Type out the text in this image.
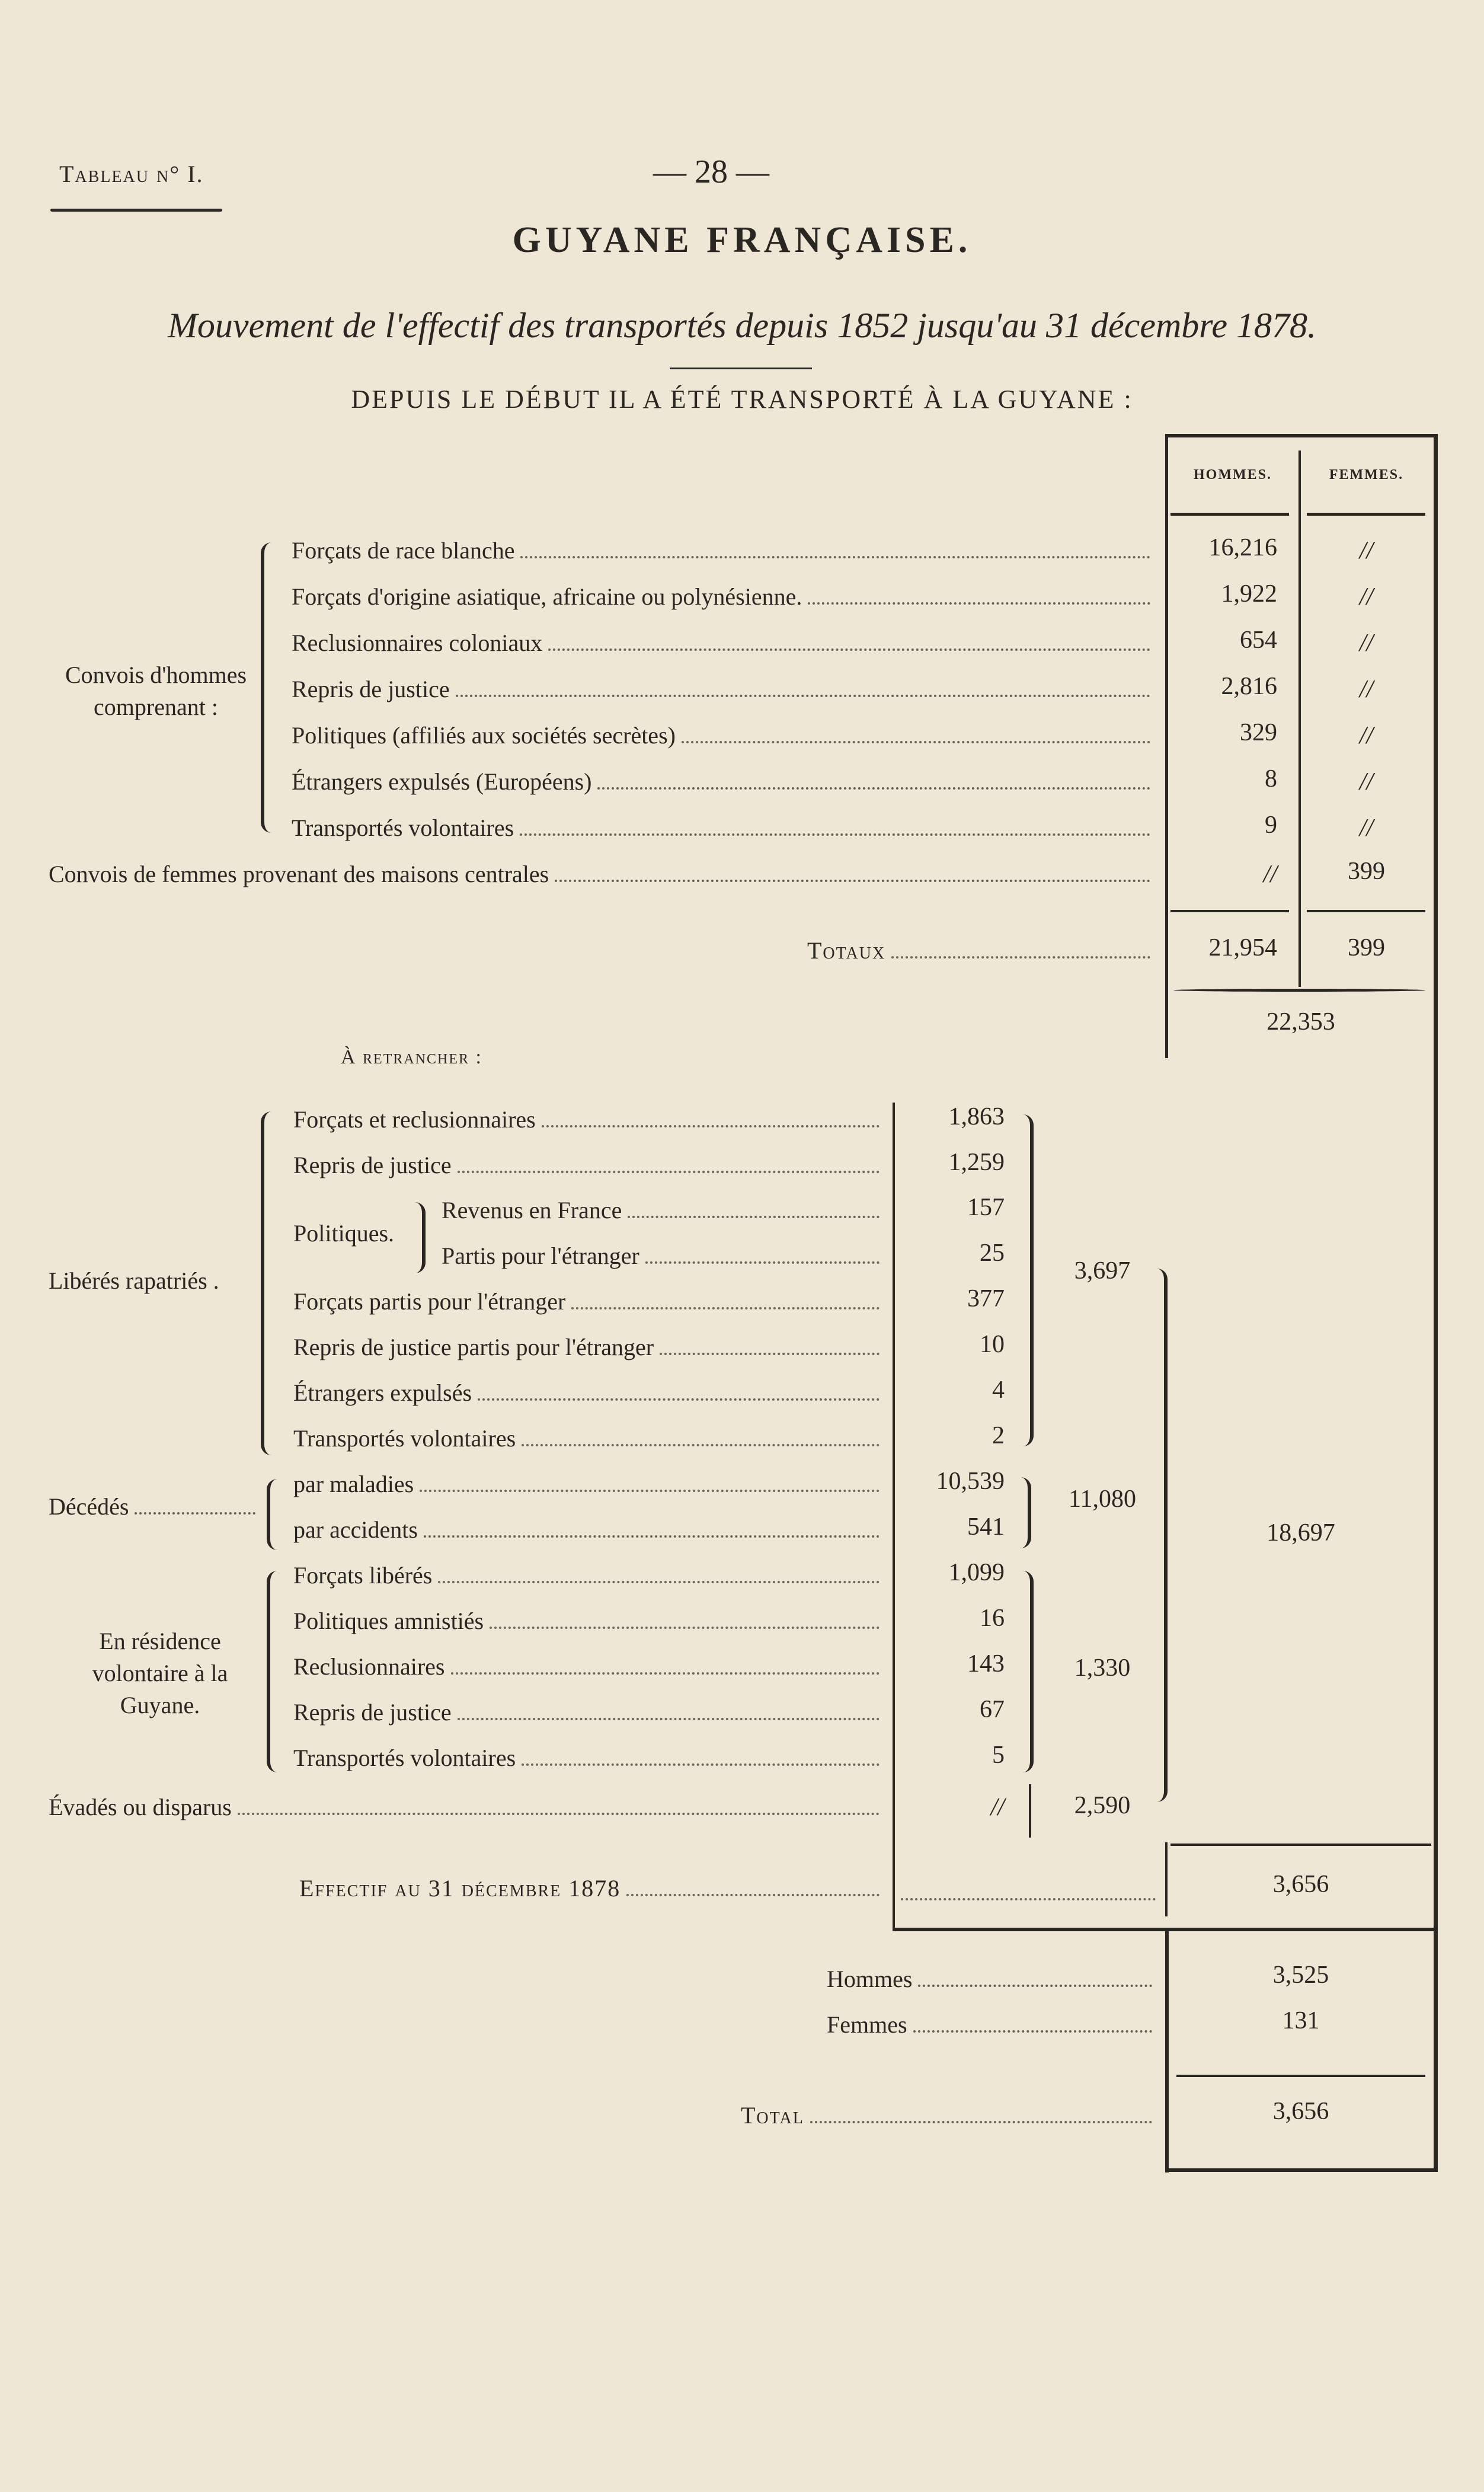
Tableau n° I.	— 28 —
GUYANE FRANÇAISE.
Mouvement de l'effectif des transportés depuis 1852 jusqu'au 31 décembre 1878.
DEPUIS LE DÉBUT IL A ÉTÉ TRANSPORTÉ À LA GUYANE :
HOMMES.	FEMMES.
Convois d'hommes comprenant :
Forçats de race blanche	16,216	//
Forçats d'origine asiatique, africaine ou polynésienne.	1,922	//
Reclusionnaires coloniaux	654	//
Repris de justice	2,816	//
Politiques (affiliés aux sociétés secrètes)	329	//
Étrangers expulsés (Européens)	8	//
Transportés volontaires	9	//
Convois de femmes provenant des maisons centrales	//	399
Totaux	21,954	399
22,353
À retrancher :
Libérés rapatriés .
Forçats et reclusionnaires	1,863
Repris de justice	1,259
Politiques.
Revenus en France	157
Partis pour l'étranger	25
Forçats partis pour l'étranger	377
Repris de justice partis pour l'étranger	10
Étrangers expulsés	4
Transportés volontaires	2
3,697
Décédés
par maladies	10,539
par accidents	541
11,080
En résidence volontaire à la Guyane.
Forçats libérés	1,099
Politiques amnistiés	16
Reclusionnaires	143
Repris de justice	67
Transportés volontaires	5
1,330
Évadés ou disparus	//	2,590
18,697
Effectif au 31 décembre 1878	3,656
Hommes	3,525
Femmes	131
Total	3,656
